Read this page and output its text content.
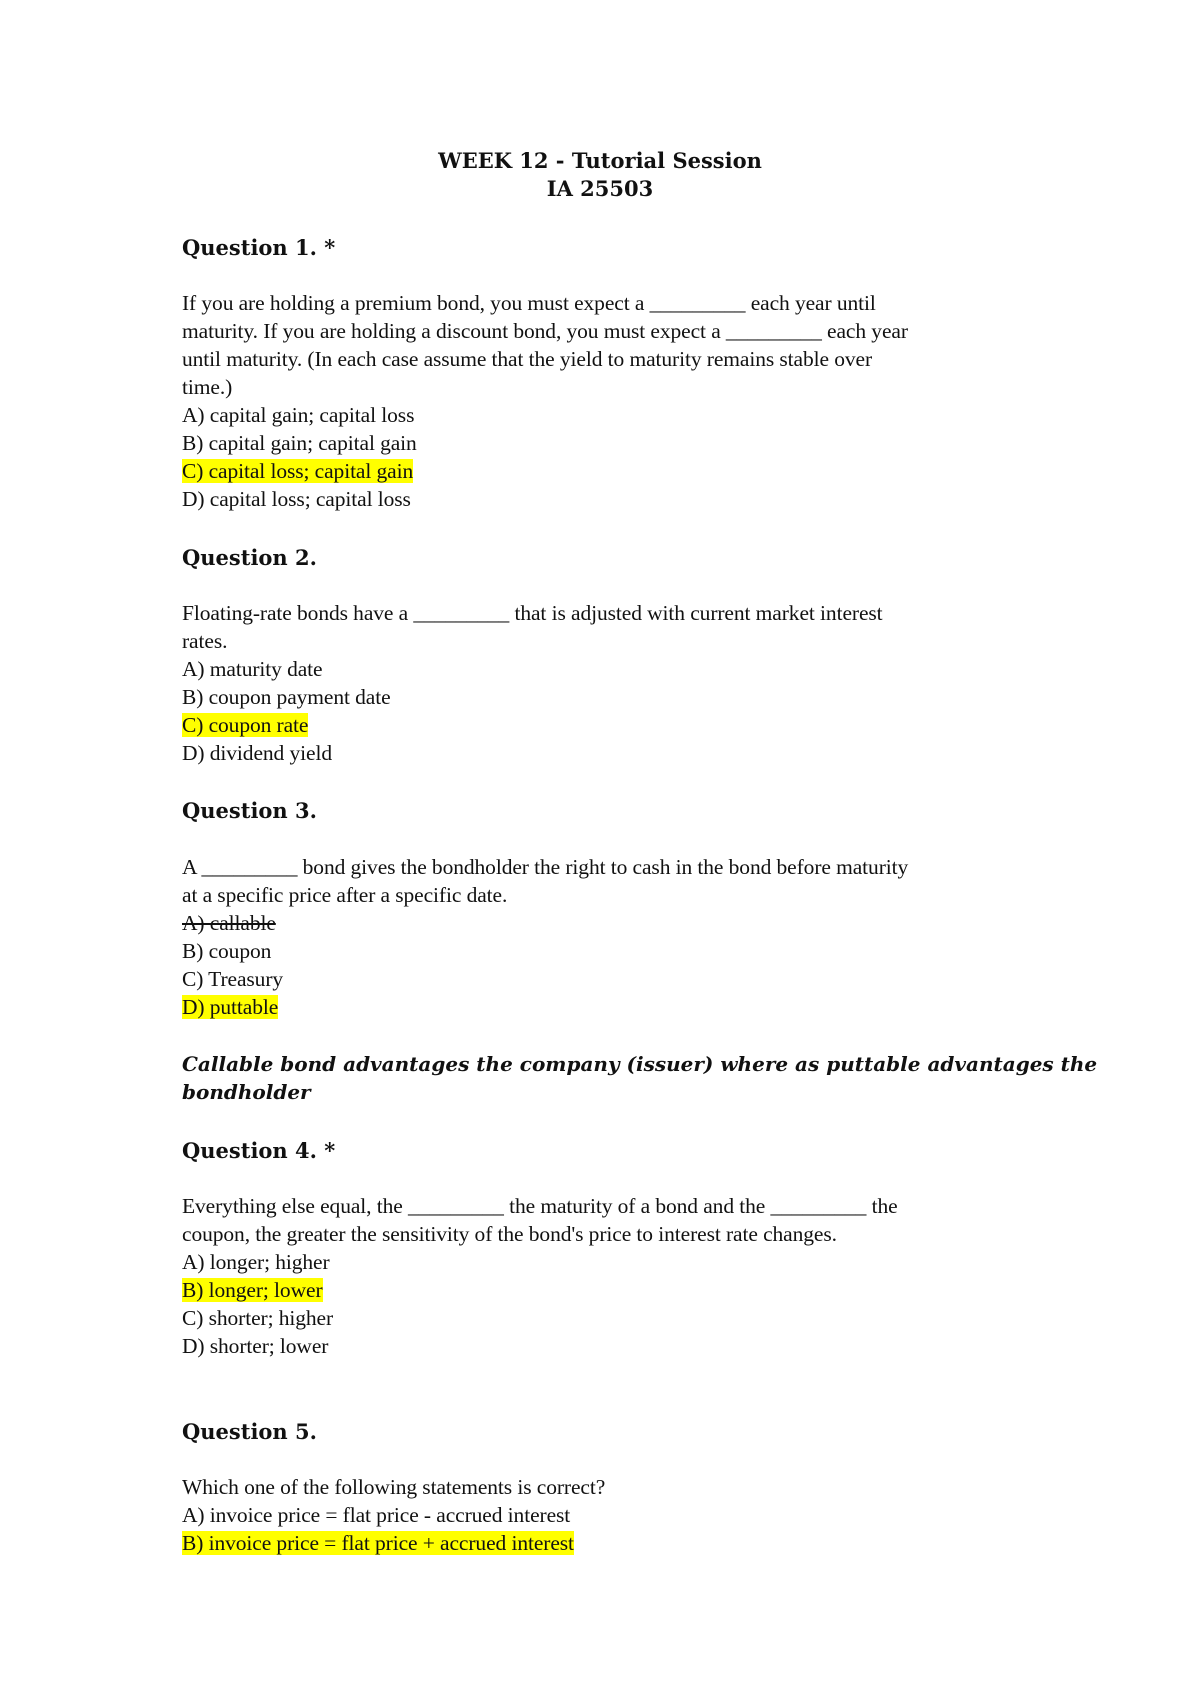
WEEK 12 - Tutorial Session
IA 25503
Question 1. *
If you are holding a premium bond, you must expect a _________ each year until
maturity. If you are holding a discount bond, you must expect a _________ each year
until maturity. (In each case assume that the yield to maturity remains stable over
time.)
A) capital gain; capital loss
B) capital gain; capital gain
C) capital loss; capital gain
D) capital loss; capital loss
Question 2.
Floating-rate bonds have a _________ that is adjusted with current market interest
rates.
A) maturity date
B) coupon payment date
C) coupon rate
D) dividend yield
Question 3.
A _________ bond gives the bondholder the right to cash in the bond before maturity
at a specific price after a specific date.
A) callable
B) coupon
C) Treasury
D) puttable
Callable bond advantages the company (issuer) where as puttable advantages the
bondholder
Question 4. *
Everything else equal, the _________ the maturity of a bond and the _________ the
coupon, the greater the sensitivity of the bond's price to interest rate changes.
A) longer; higher
B) longer; lower
C) shorter; higher
D) shorter; lower
Question 5.
Which one of the following statements is correct?
A) invoice price = flat price - accrued interest
B) invoice price = flat price + accrued interest
